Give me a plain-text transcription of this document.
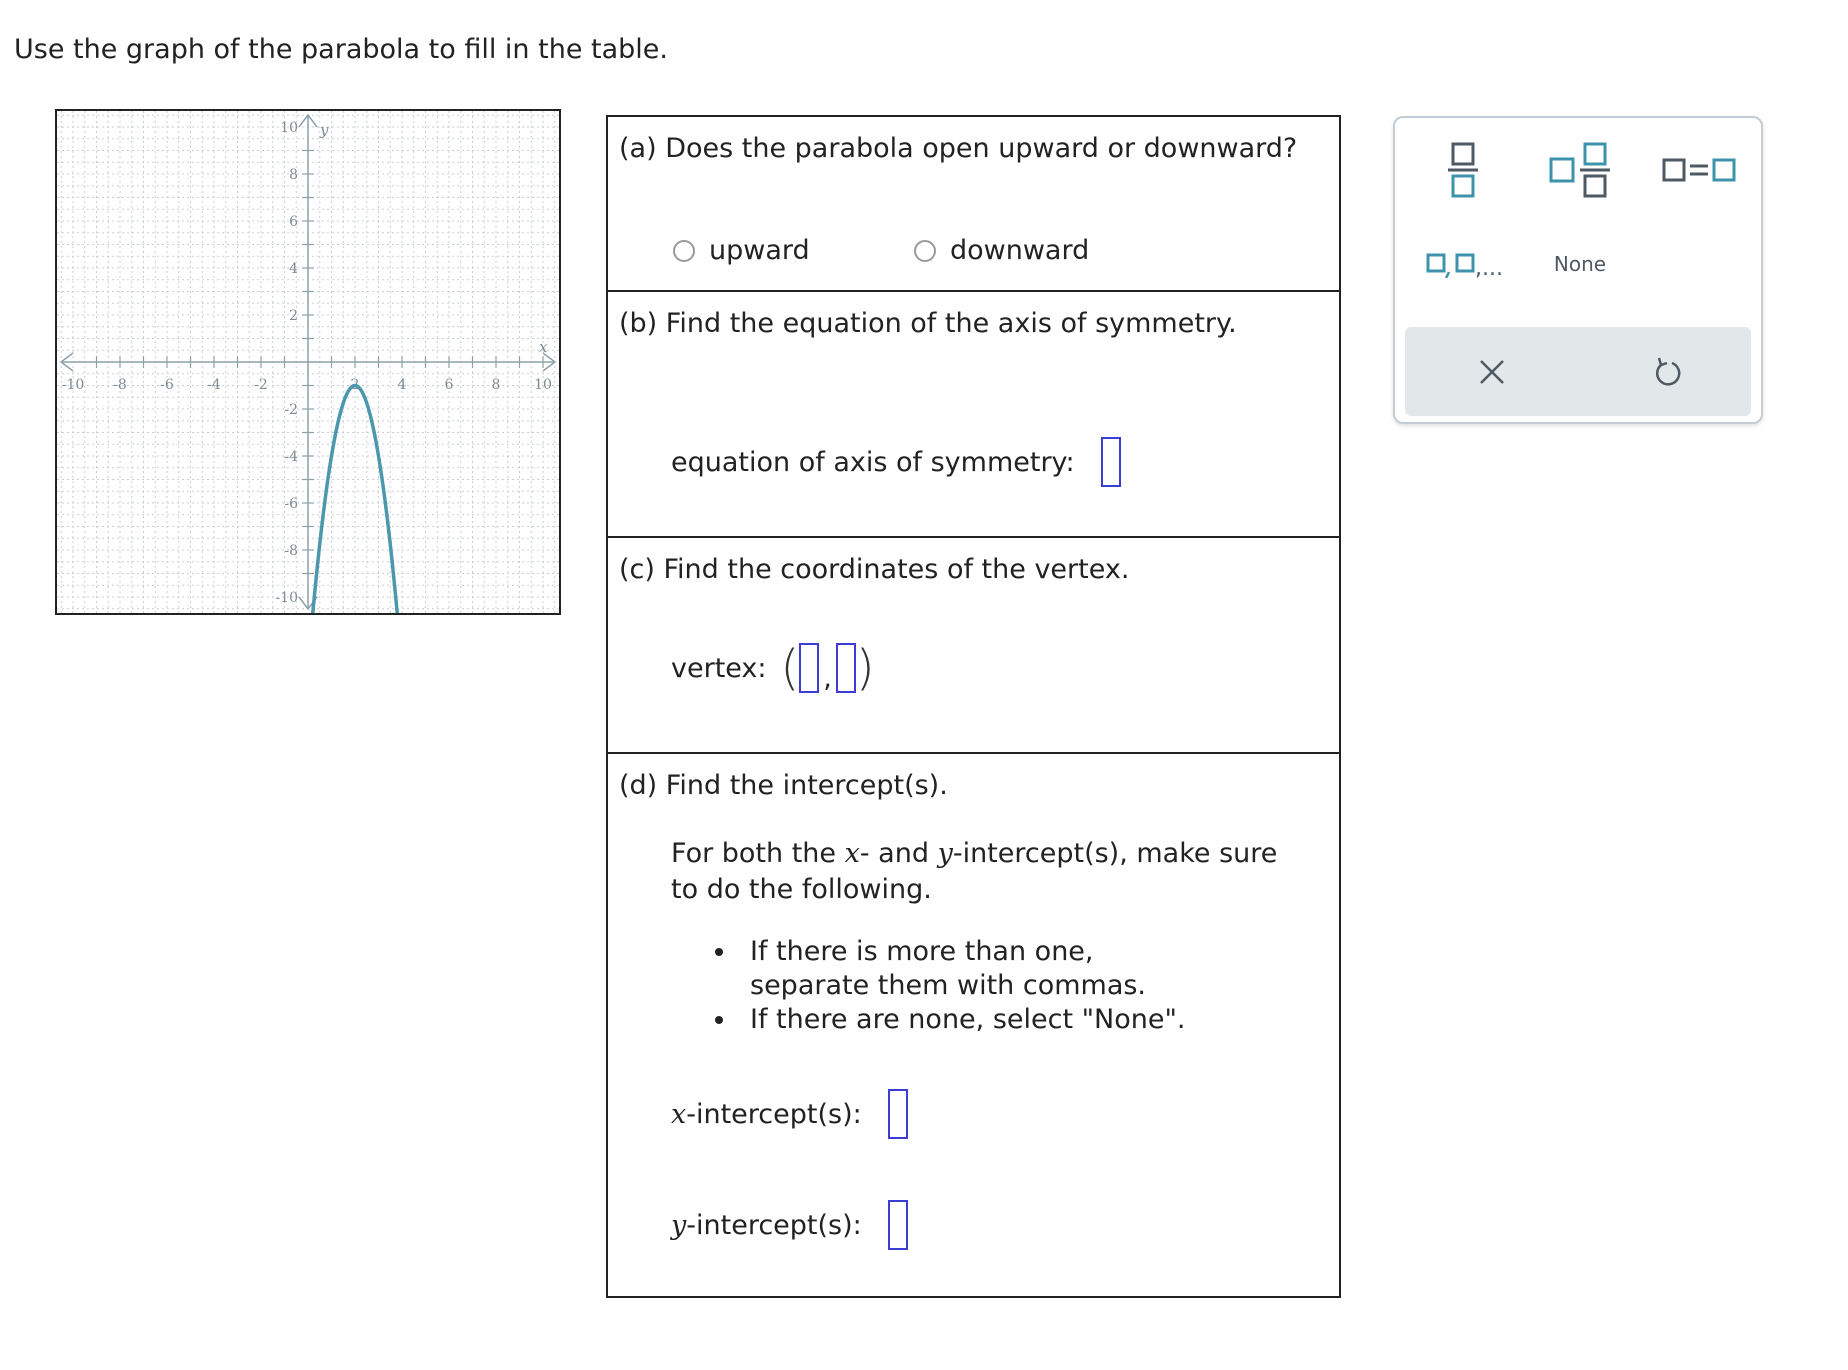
Use the graph of the parabola to fill in the table.
-10 -8 -6 -4 -2	2	4	6	8 10
10
8
6
4
2
-2
-4
-6
-8
-10
x
y
(a) Does the parabola open upward or downward?
upward	downward
(b) Find the equation of the axis of symmetry.
equation of axis of symmetry:
(c) Find the coordinates of the vertex.
vertex: ( , )
(d) Find the intercept(s).
For both the x- and y-intercept(s), make sure
to do the following.
• If there is more than one, separate them with commas.
• If there are none, select "None".
x -intercept(s):
y -intercept(s):
,...	None
